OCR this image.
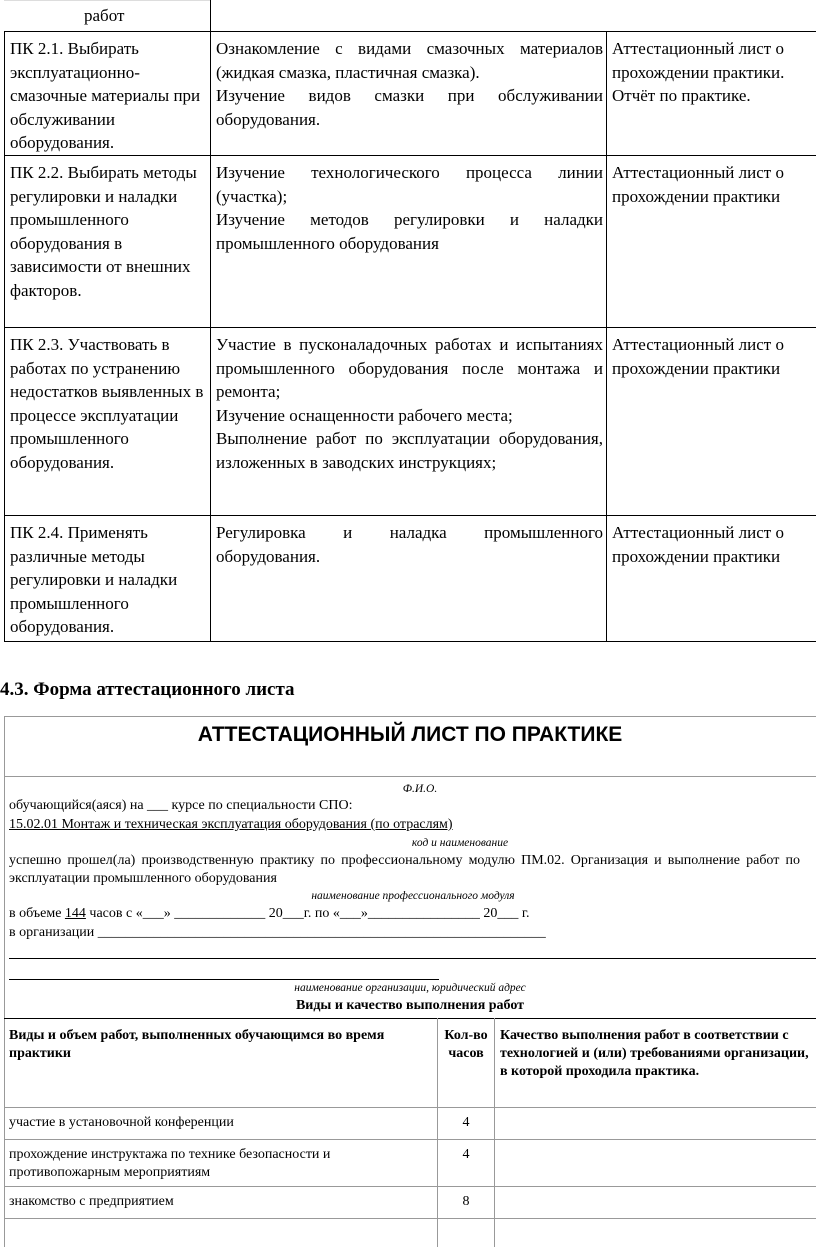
работ
ПК 2.1. Выбирать эксплуатационно-смазочные материалы при обслуживании оборудования.
Ознакомление с видами смазочных материалов (жидкая смазка, пластичная смазка).
Изучение видов смазки при обслуживании оборудования.
Аттестационный лист о прохождении практики. Отчёт по практике.
ПК 2.2. Выбирать методы регулировки и наладки промышленного оборудования в зависимости от внешних факторов.
Изучение технологического процесса линии (участка);
Изучение методов регулировки и наладки промышленного оборудования
Аттестационный лист о прохождении практики
ПК 2.3. Участвовать в работах по устранению недостатков выявленных в процессе эксплуатации промышленного оборудования.
Участие в пусконаладочных работах и испытаниях промышленного оборудования после монтажа и ремонта;
Изучение оснащенности рабочего места;
Выполнение работ по эксплуатации оборудования, изложенных в заводских инструкциях;
Аттестационный лист о прохождении практики
ПК 2.4. Применять различные методы регулировки и наладки промышленного оборудования.
Регулировка и наладка промышленного оборудования.
Аттестационный лист о прохождении практики
4.3. Форма аттестационного листа
АТТЕСТАЦИОННЫЙ ЛИСТ ПО ПРАКТИКЕ
Ф.И.О.
обучающийся(аяся) на ___ курсе по специальности СПО:
15.02.01 Монтаж и техническая эксплуатация оборудования (по отраслям)
код и наименование
успешно прошел(ла) производственную практику по профессиональному модулю ПМ.02. Организация и выполнение работ по эксплуатации промышленного оборудования
наименование профессионального модуля
в объеме 144 часов с «___» _____________ 20___г. по «___»________________ 20___ г.
в организации ________________________________________________________________
наименование организации, юридический адрес
Виды и качество выполнения работ
Виды и объем работ, выполненных обучающимся во время практики
Кол-во часов
Качество выполнения работ в соответствии с технологией и (или) требованиями организации, в которой проходила практика.
участие в установочной конференции	4
прохождение инструктажа по технике безопасности и противопожарным мероприятиям
4
знакомство с предприятием	8
